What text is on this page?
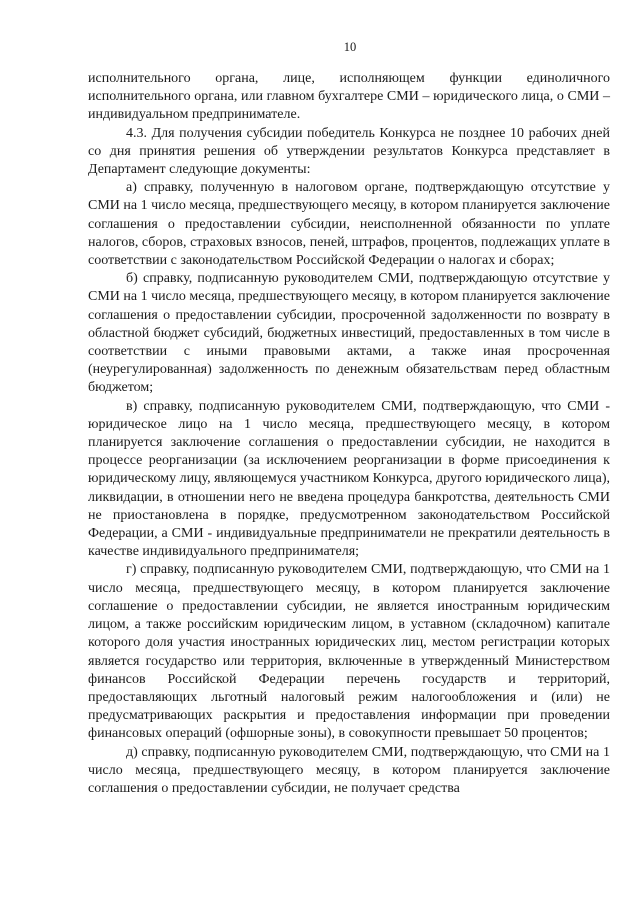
10

исполнительного органа, лице, исполняющем функции единоличного исполнительного органа, или главном бухгалтере СМИ – юридического лица, о СМИ – индивидуальном предпринимателе.

4.3. Для получения субсидии победитель Конкурса не позднее 10 рабочих дней со дня принятия решения об утверждении результатов Конкурса представляет в Департамент следующие документы:

а) справку, полученную в налоговом органе, подтверждающую отсутствие у СМИ на 1 число месяца, предшествующего месяцу, в котором планируется заключение соглашения о предоставлении субсидии, неисполненной обязанности по уплате налогов, сборов, страховых взносов, пеней, штрафов, процентов, подлежащих уплате в соответствии с законодательством Российской Федерации о налогах и сборах;

б) справку, подписанную руководителем СМИ, подтверждающую отсутствие у СМИ на 1 число месяца, предшествующего месяцу, в котором планируется заключение соглашения о предоставлении субсидии, просроченной задолженности по возврату в областной бюджет субсидий, бюджетных инвестиций, предоставленных в том числе в соответствии с иными правовыми актами, а также иная просроченная (неурегулированная) задолженность по денежным обязательствам перед областным бюджетом;

в) справку, подписанную руководителем СМИ, подтверждающую, что СМИ - юридическое лицо на 1 число месяца, предшествующего месяцу, в котором планируется заключение соглашения о предоставлении субсидии, не находится в процессе реорганизации (за исключением реорганизации в форме присоединения к юридическому лицу, являющемуся участником Конкурса, другого юридического лица), ликвидации, в отношении него не введена процедура банкротства, деятельность СМИ не приостановлена в порядке, предусмотренном законодательством Российской Федерации, а СМИ - индивидуальные предприниматели не прекратили деятельность в качестве индивидуального предпринимателя;

г) справку, подписанную руководителем СМИ, подтверждающую, что СМИ на 1 число месяца, предшествующего месяцу, в котором планируется заключение соглашение о предоставлении субсидии, не является иностранным юридическим лицом, а также российским юридическим лицом, в уставном (складочном) капитале которого доля участия иностранных юридических лиц, местом регистрации которых является государство или территория, включенные в утвержденный Министерством финансов Российской Федерации перечень государств и территорий, предоставляющих льготный налоговый режим налогообложения и (или) не предусматривающих раскрытия и предоставления информации при проведении финансовых операций (офшорные зоны), в совокупности превышает 50 процентов;

д) справку, подписанную руководителем СМИ, подтверждающую, что СМИ на 1 число месяца, предшествующего месяцу, в котором планируется заключение соглашения о предоставлении субсидии, не получает средства
